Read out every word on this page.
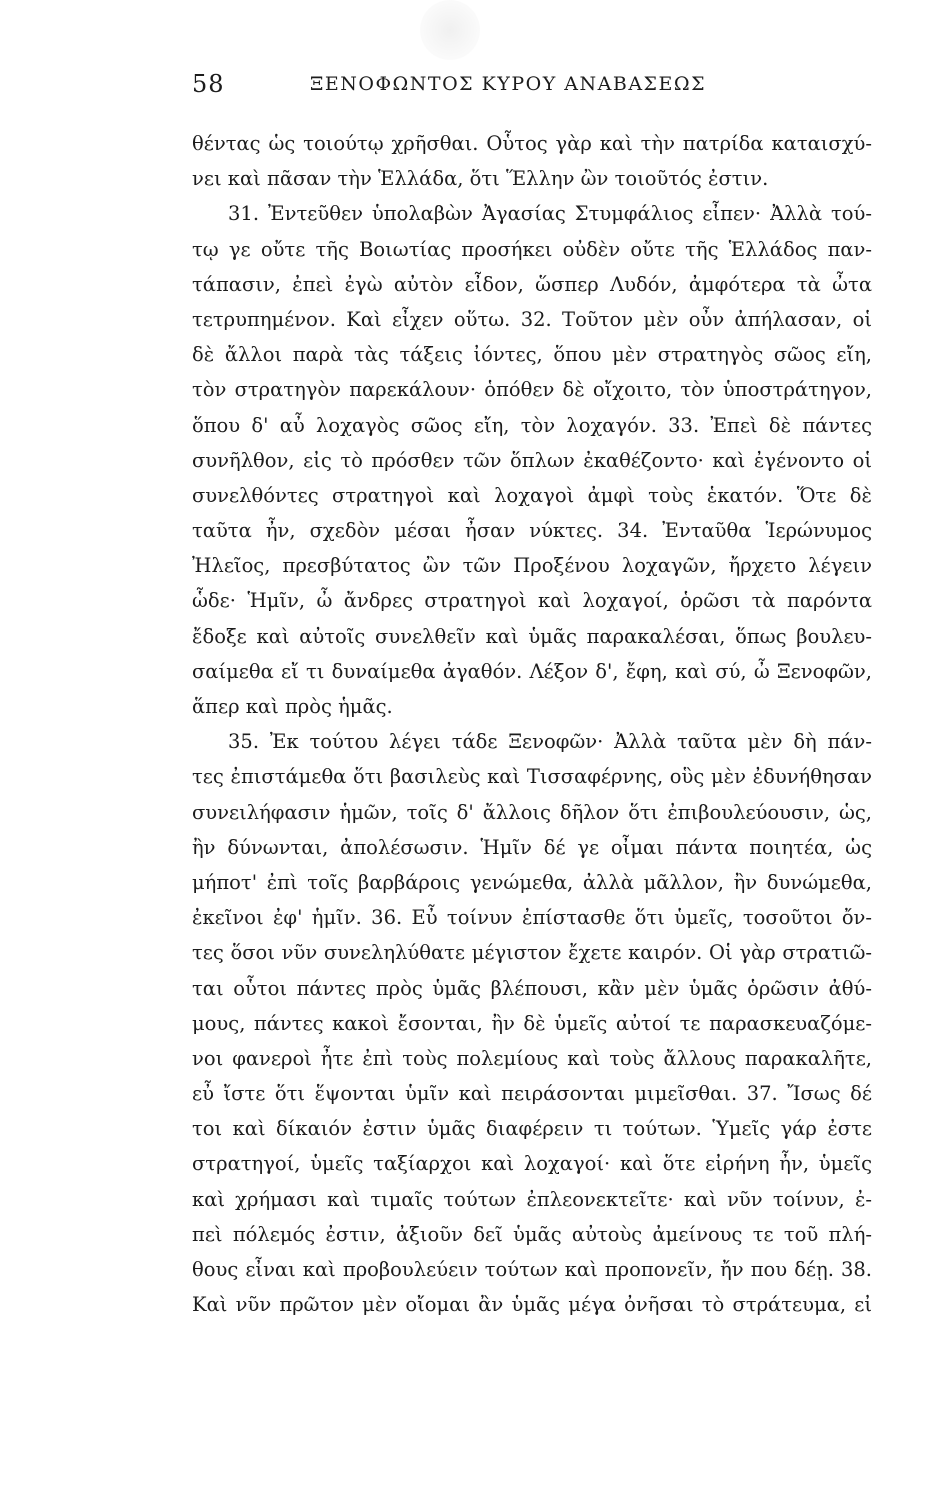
58	ΞΕΝΟΦΩΝΤΟΣ ΚΥΡΟΥ ΑΝΑΒΑΣΕΩΣ
θέντας ὡς τοιούτῳ χρῆσθαι. Οὗτος γὰρ καὶ τὴν πατρίδα καταισχύ-
νει καὶ πᾶσαν τὴν Ἑλλάδα, ὅτι Ἕλλην ὢν τοιοῦτός ἐστιν.
31. Ἐντεῦθεν ὑπολαβὼν Ἀγασίας Στυμφάλιος εἶπεν· Ἀλλὰ τού-
τῳ γε οὔτε τῆς Βοιωτίας προσήκει οὐδὲν οὔτε τῆς Ἑλλάδος παν-
τάπασιν, ἐπεὶ ἐγὼ αὐτὸν εἶδον, ὥσπερ Λυδόν, ἀμφότερα τὰ ὦτα
τετρυπημένον. Καὶ εἶχεν οὕτω. 32. Τοῦτον μὲν οὖν ἀπήλασαν, οἱ
δὲ ἄλλοι παρὰ τὰς τάξεις ἰόντες, ὅπου μὲν στρατηγὸς σῶος εἴη,
τὸν στρατηγὸν παρεκάλουν· ὁπόθεν δὲ οἴχοιτο, τὸν ὑποστράτηγον,
ὅπου δ' αὖ λοχαγὸς σῶος εἴη, τὸν λοχαγόν. 33. Ἐπεὶ δὲ πάντες
συνῆλθον, εἰς τὸ πρόσθεν τῶν ὅπλων ἐκαθέζοντο· καὶ ἐγένοντο οἱ
συνελθόντες στρατηγοὶ καὶ λοχαγοὶ ἀμφὶ τοὺς ἑκατόν. Ὅτε δὲ
ταῦτα ἦν, σχεδὸν μέσαι ἦσαν νύκτες. 34. Ἐνταῦθα Ἱερώνυμος
Ἠλεῖος, πρεσβύτατος ὢν τῶν Προξένου λοχαγῶν, ἤρχετο λέγειν
ὧδε· Ἡμῖν, ὦ ἄνδρες στρατηγοὶ καὶ λοχαγοί, ὁρῶσι τὰ παρόντα
ἔδοξε καὶ αὐτοῖς συνελθεῖν καὶ ὑμᾶς παρακαλέσαι, ὅπως βουλευ-
σαίμεθα εἴ τι δυναίμεθα ἀγαθόν. Λέξον δ', ἔφη, καὶ σύ, ὦ Ξενοφῶν,
ἅπερ καὶ πρὸς ἡμᾶς.
35. Ἐκ τούτου λέγει τάδε Ξενοφῶν· Ἀλλὰ ταῦτα μὲν δὴ πάν-
τες ἐπιστάμεθα ὅτι βασιλεὺς καὶ Τισσαφέρνης, οὓς μὲν ἐδυνήθησαν
συνειλήφασιν ἡμῶν, τοῖς δ' ἄλλοις δῆλον ὅτι ἐπιβουλεύουσιν, ὡς,
ἢν δύνωνται, ἀπολέσωσιν. Ἡμῖν δέ γε οἶμαι πάντα ποιητέα, ὡς
μήποτ' ἐπὶ τοῖς βαρβάροις γενώμεθα, ἀλλὰ μᾶλλον, ἢν δυνώμεθα,
ἐκεῖνοι ἐφ' ἡμῖν. 36. Εὖ τοίνυν ἐπίστασθε ὅτι ὑμεῖς, τοσοῦτοι ὄν-
τες ὅσοι νῦν συνεληλύθατε μέγιστον ἔχετε καιρόν. Οἱ γὰρ στρατιῶ-
ται οὗτοι πάντες πρὸς ὑμᾶς βλέπουσι, κἂν μὲν ὑμᾶς ὁρῶσιν ἀθύ-
μους, πάντες κακοὶ ἔσονται, ἢν δὲ ὑμεῖς αὐτοί τε παρασκευαζόμε-
νοι φανεροὶ ἦτε ἐπὶ τοὺς πολεμίους καὶ τοὺς ἄλλους παρακαλῆτε,
εὖ ἴστε ὅτι ἕψονται ὑμῖν καὶ πειράσονται μιμεῖσθαι. 37. Ἴσως δέ
τοι καὶ δίκαιόν ἐστιν ὑμᾶς διαφέρειν τι τούτων. Ὑμεῖς γάρ ἐστε
στρατηγοί, ὑμεῖς ταξίαρχοι καὶ λοχαγοί· καὶ ὅτε εἰρήνη ἦν, ὑμεῖς
καὶ χρήμασι καὶ τιμαῖς τούτων ἐπλεονεκτεῖτε· καὶ νῦν τοίνυν, ἐ-
πεὶ πόλεμός ἐστιν, ἀξιοῦν δεῖ ὑμᾶς αὐτοὺς ἀμείνους τε τοῦ πλή-
θους εἶναι καὶ προβουλεύειν τούτων καὶ προπονεῖν, ἤν που δέῃ. 38.
Καὶ νῦν πρῶτον μὲν οἴομαι ἂν ὑμᾶς μέγα ὀνῆσαι τὸ στράτευμα, εἰ
